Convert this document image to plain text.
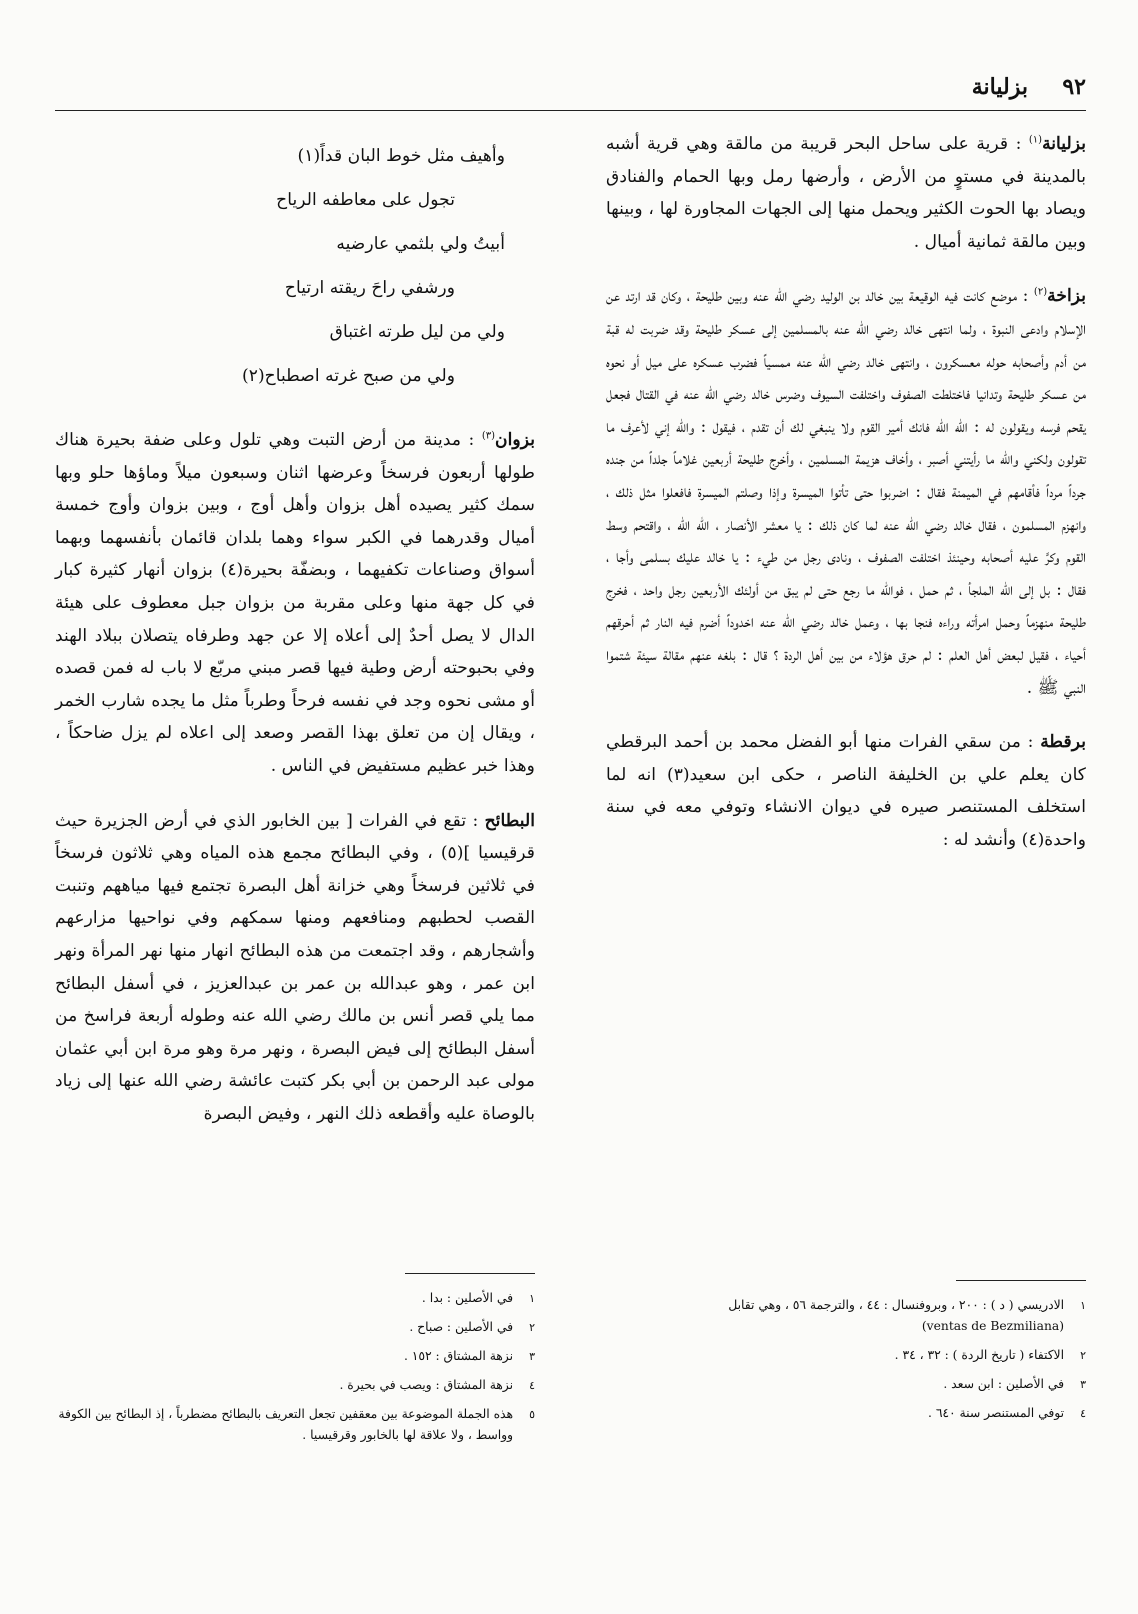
٩٢
بزليانة

بزليانة$^{(١)}$ : قرية على ساحل البحر قريبة من مالقة وهي قرية أشبه بالمدينة في مستوٍ من الأرض ، وأرضها رمل وبها الحمام والفنادق ويصاد بها الحوت الكثير ويحمل منها إلى الجهات المجاورة لها ، وبينها وبين مالقة ثمانية أميال .

بزاخة$^{(٢)}$ : موضع كانت فيه الوقيعة بين خالد بن الوليد رضي الله عنه وبين طليحة ، وكان قد ارتد عن الإسلام وادعى النبوة ، ولما انتهى خالد رضي الله عنه بالمسلمين إلى عسكر طليحة وقد ضربت له قبة من أدم وأصحابه حوله معسكرون ، وانتهى خالد رضي الله عنه ممسياً فضرب عسكره على ميل أو نحوه من عسكر طليحة وتدانيا فاختلطت الصفوف واختلفت السيوف وضرس خالد رضي الله عنه في القتال فجعل يقحم فرسه ويقولون له : الله الله فانك أمير القوم ولا ينبغي لك أن تقدم ، فيقول : والله إني لأعرف ما تقولون ولكني والله ما رأيتني أصبر ، وأخاف هزيمة المسلمين ، وأخرج طليحة أربعين غلاماً جلداً من جنده جرداً مرداً فأقامهم في الميمنة فقال : اضربوا حتى تأتوا الميسرة وإذا وصلتم الميسرة فافعلوا مثل ذلك ، وانهزم المسلمون ، فقال خالد رضي الله عنه لما كان ذلك : يا معشر الأنصار ، الله الله ، واقتحم وسط القوم وكرَّ عليه أصحابه وحينئذ اختلفت الصفوف ، ونادى رجل من طيء : يا خالد عليك بسلمى وأجا ، فقال : بل إلى الله الملجأ ، ثم حمل ، فوالله ما رجع حتى لم يبق من أولئك الأربعين رجل واحد ، فخرج طليحة منهزماً وحمل امرأته وراءه فنجا بها ، وعمل خالد رضي الله عنه اخدوداً أضرم فيه النار ثم أحرقهم أحياء ، فقيل لبعض أهل العلم : لم حرق هؤلاء من بين أهل الردة ؟ قال : بلغه عنهم مقالة سيئة شتموا النبي ﷺ .

برقطة : من سقي الفرات منها أبو الفضل محمد بن أحمد البرقطي كان يعلم علي بن الخليفة الناصر ، حكى ابن سعيد(٣) انه لما استخلف المستنصر صيره في ديوان الانشاء وتوفي معه في سنة واحدة(٤) وأنشد له :

١
الادريسي ( د ) : ٢٠٠ ، وبروفنسال : ٤٤ ، والترجمة ٥٦ ، وهي تقابل
(ventas de Bezmiliana)
٢
الاكتفاء ( تاريخ الردة ) : ٣٢ ، ٣٤ .
٣
في الأصلين : ابن سعد .
٤
توفي المستنصر سنة ٦٤٠ .
وأهيف مثل خوط البان قداً(١)
تجول على معاطفه الرياح
أبيتُ ولي بلثمي عارضيه
ورشفي راحَ ريقته ارتياح
ولي من ليل طرته اغتباق
ولي من صبح غرته اصطباح(٢)

بزوان$^{(٣)}$ : مدينة من أرض التبت وهي تلول وعلى ضفة بحيرة هناك طولها أربعون فرسخاً وعرضها اثنان وسبعون ميلاً وماؤها حلو وبها سمك كثير يصيده أهل بزوان وأهل أوج ، وبين بزوان وأوج خمسة أميال وقدرهما في الكبر سواء وهما بلدان قائمان بأنفسهما وبهما أسواق وصناعات تكفيهما ، وبضفّة بحيرة(٤) بزوان أنهار كثيرة كبار في كل جهة منها وعلى مقربة من بزوان جبل معطوف على هيئة الدال لا يصل أحدٌ إلى أعلاه إلا عن جهد وطرفاه يتصلان ببلاد الهند وفي بحبوحته أرض وطية فيها قصر مبني مربّع لا باب له فمن قصده أو مشى نحوه وجد في نفسه فرحاً وطرباً مثل ما يجده شارب الخمر ، ويقال إن من تعلق بهذا القصر وصعد إلى اعلاه لم يزل ضاحكاً ، وهذا خبر عظيم مستفيض في الناس .

البطائح : تقع في الفرات [ بين الخابور الذي في أرض الجزيرة حيث قرقيسيا ](٥) ، وفي البطائح مجمع هذه المياه وهي ثلاثون فرسخاً في ثلاثين فرسخاً وهي خزانة أهل البصرة تجتمع فيها مياههم وتنبت القصب لحطبهم ومنافعهم ومنها سمكهم وفي نواحيها مزارعهم وأشجارهم ، وقد اجتمعت من هذه البطائح انهار منها نهر المرأة ونهر ابن عمر ، وهو عبدالله بن عمر بن عبدالعزيز ، في أسفل البطائح مما يلي قصر أنس بن مالك رضي الله عنه وطوله أربعة فراسخ من أسفل البطائح إلى فيض البصرة ، ونهر مرة وهو مرة ابن أبي عثمان مولى عبد الرحمن بن أبي بكر كتبت عائشة رضي الله عنها إلى زياد بالوصاة عليه وأقطعه ذلك النهر ، وفيض البصرة

١
في الأصلين : بدا .
٢
في الأصلين : صباح .
٣
نزهة المشتاق : ١٥٢ .
٤
نزهة المشتاق : ويصب في بحيرة .
٥
هذه الجملة الموضوعة بين معقفين تجعل التعريف بالبطائح مضطرباً ، إذ البطائح بين الكوفة وواسط ، ولا علاقة لها بالخابور وقرقيسيا .
